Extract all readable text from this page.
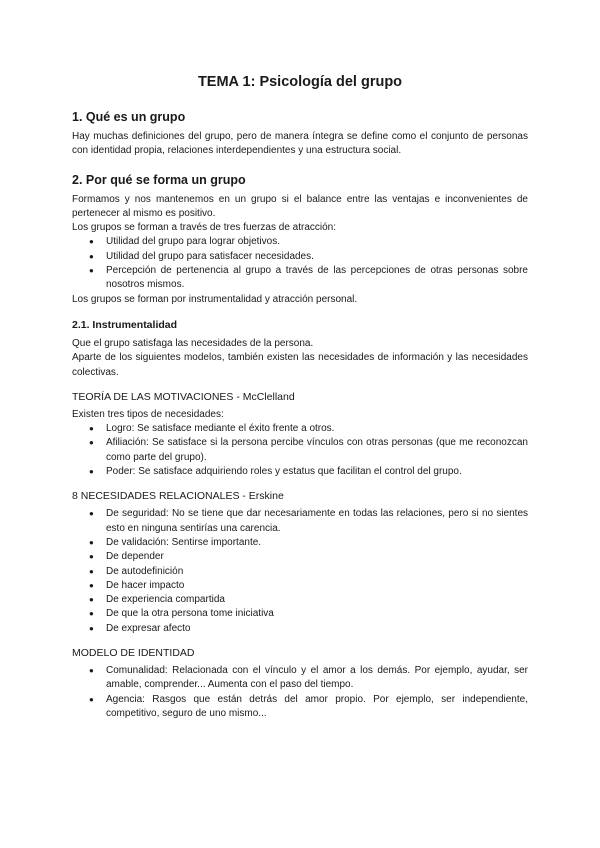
TEMA 1: Psicología del grupo
1. Qué es un grupo

Hay muchas definiciones del grupo, pero de manera íntegra se define como el conjunto de personas con identidad propia, relaciones interdependientes y una estructura social.

2. Por qué se forma un grupo

Formamos y nos mantenemos en un grupo si el balance entre las ventajas e inconvenientes de pertenecer al mismo es positivo.

Los grupos se forman a través de tres fuerzas de atracción:

● Utilidad del grupo para lograr objetivos.
● Utilidad del grupo para satisfacer necesidades.
● Percepción de pertenencia al grupo a través de las percepciones de otras personas sobre nosotros mismos.

Los grupos se forman por instrumentalidad y atracción personal.

2.1. Instrumentalidad

Que el grupo satisfaga las necesidades de la persona.

Aparte de los siguientes modelos, también existen las necesidades de información y las necesidades colectivas.

TEORÍA DE LAS MOTIVACIONES - McClelland

Existen tres tipos de necesidades:

● Logro: Se satisface mediante el éxito frente a otros.
● Afiliación: Se satisface si la persona percibe vínculos con otras personas (que me reconozcan como parte del grupo).
● Poder: Se satisface adquiriendo roles y estatus que facilitan el control del grupo.
8 NECESIDADES RELACIONALES - Erskine
● De seguridad: No se tiene que dar necesariamente en todas las relaciones, pero si no sientes esto en ninguna sentirías una carencia.
● De validación: Sentirse importante.
● De depender
● De autodefinición
● De hacer impacto
● De experiencia compartida
● De que la otra persona tome iniciativa
● De expresar afecto
MODELO DE IDENTIDAD
● Comunalidad: Relacionada con el vínculo y el amor a los demás. Por ejemplo, ayudar, ser amable, comprender... Aumenta con el paso del tiempo.
● Agencia: Rasgos que están detrás del amor propio. Por ejemplo, ser independiente, competitivo, seguro de uno mismo...
